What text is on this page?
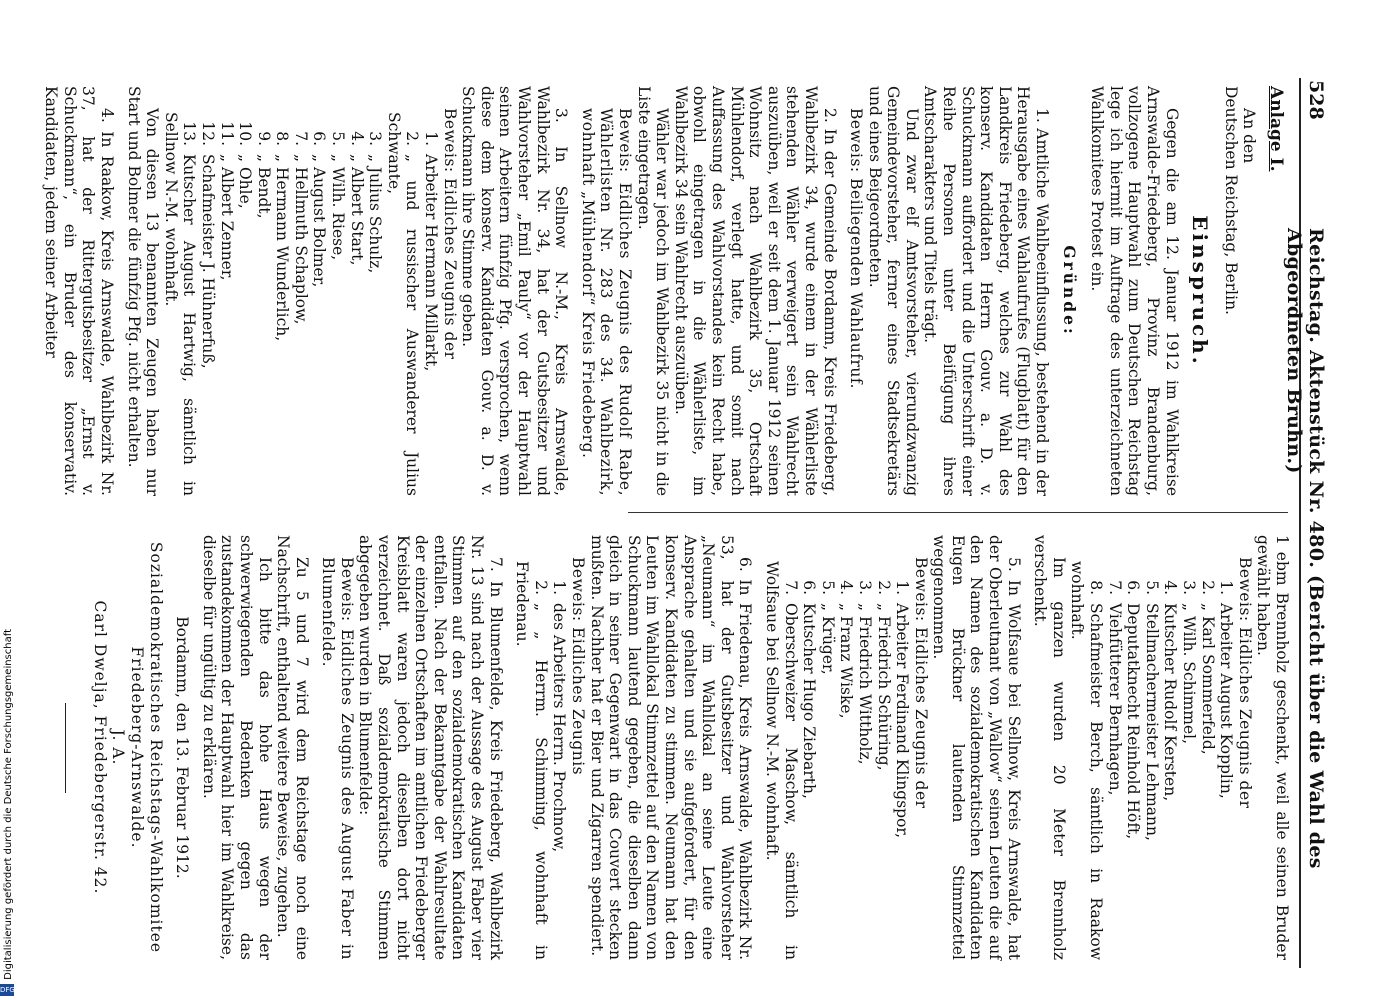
528
Reichstag. Aktenstück Nr. 480. (Bericht über die Wahl des Abgeordneten Bruhn.)

Anlage I.

An den

Deutschen Reichstag, Berlin.

Einspruch.

Gegen die am 12. Januar 1912 im Wahlkreise Arnswalde-Friedeberg, Provinz Brandenburg, vollzogene Hauptwahl zum Deutschen Reichstag lege ich hiermit im Auftrage des unterzeichneten Wahlkomitees Protest ein.

Gründe:

1. Amtliche Wahlbeeinflussung, bestehend in der Herausgabe eines Wahlaufrufes (Flugblatt) für den Landkreis Friedeberg, welches zur Wahl des konserv. Kandidaten Herrn Gouv. a. D. v. Schuckmann auffordert und die Unterschrift einer Reihe Personen unter Beifügung ihres Amtscharakters und Titels trägt.

Und zwar elf Amtsvorsteher, vierundzwanzig Gemeindevorsteher, ferner eines Stadtsekretärs und eines Beigeordneten.

Beweis: Beiliegenden Wahlaufruf.

2. In der Gemeinde Bordamm, Kreis Friedeberg, Wahlbezirk 34, wurde einem in der Wählerliste stehenden Wähler verweigert sein Wahlrecht auszuüben, weil er seit dem 1. Januar 1912 seinen Wohnsitz nach Wahlbezirk 35, Ortschaft Mühlendorf, verlegt hatte, und somit nach Auffassung des Wahlvorstandes kein Recht habe, obwohl eingetragen in die Wählerliste, im Wahlbezirk 34 sein Wahlrecht auszuüben.

Wähler war jedoch im Wahlbezirk 35 nicht in die Liste eingetragen.

Beweis: Eidliches Zeugnis des Rudolf Rabe, Wählerlisten Nr. 283 des 34. Wahlbezirk, wohnhaft „Mühlendorf“ Kreis Friedeberg.

3. In Sellnow N.-M., Kreis Arnswalde, Wahlbezirk Nr. 34, hat der Gutsbesitzer und Wahlvorsteher „Emil Pauly“ vor der Hauptwahl seinen Arbeitern fünfzig Pfg. versprochen, wenn diese dem konserv. Kandidaten Gouv. a. D. v. Schuckmann ihre Stimme geben.

Beweis: Eidliches Zeugnis der

1.Arbeiter Hermann Millarkt,
2.„ und russischer Auswanderer Julius Schwante,
3.„ Julius Schulz,
4.„ Albert Start,
5.„ Wilh. Riese,
6.„ August Bolmer,
7.„ Hellmuth Schaplow,
8.„ Hermann Wunderlich,
9.„ Bendt,
10.„ Ohle,
11.„ Albert Zenner,
12.Schafmeister J. Hühnerfuß,
13.Kutscher August Hartwig, sämtlich in Sellnow N.-M. wohnhaft.

Von diesen 13 benannten Zeugen haben nur Start und Bolmer die fünfzig Pfg. nicht erhalten.

4. In Raakow, Kreis Arnswalde, Wahlbezirk Nr. 37, hat der Rittergutsbesitzer „Ernst v. Schuckmann“, ein Bruder des konservativ. Kandidaten, jedem seiner Arbeiter

1 ebm Brennholz geschenkt, weil alle seinen Bruder gewählt haben.

Beweis: Eidliches Zeugnis der

1.Arbeiter August Kopplin,
2.„ Karl Sommerfeld,
3.„ Wilh. Schimmel,
4.Kutscher Rudolf Kersten,
5.Stellmachermeister Lehmann,
6.Deputatknecht Reinhold Höft,
7.Viehfütterer Bernhagen,
8.Schafmeister Berch, sämtlich in Raakow wohnhaft.

Im ganzen wurden 20 Meter Brennholz verschenkt.

5. In Wolfsaue bei Sellnow, Kreis Arnswalde, hat der Oberleutnant von „Wallow“ seinen Leuten die auf den Namen des sozialdemokratischen Kandidaten Eugen Brückner lautenden Stimmzettel weggenommen.

Beweis: Eidliches Zeugnis der

1.Arbeiter Ferdinand Klingspor,
2.„ Friedrich Schüring,
3.„ Friedrich Wittholz,
4.„ Franz Wiske,
5.„ Krüger,
6.Kutscher Hugo Ziebarth,
7.Oberschweizer Maschow, sämtlich in Wolfsaue bei Sellnow N.-M. wohnhaft.

6. In Friedenau, Kreis Arnswalde, Wahlbezirk Nr. 53, hat der Gutsbesitzer und Wahlvorsteher „Neumann“ im Wahllokal an seine Leute eine Ansprache gehalten und sie aufgefordert, für den konserv. Kandidaten zu stimmen. Neumann hat den Leuten im Wahllokal Stimmzettel auf den Namen von Schuckmann lautend gegeben, die dieselben dann gleich in seiner Gegenwart in das Couvert stecken mußten. Nachher hat er Bier und Zigarren spendiert.

Beweis: Eidliches Zeugnis

1.des Arbeiters Herrn. Prochnow,
2.„ „ Herrm. Schimming, wohnhaft in Friedenau.

7. In Blumenfelde, Kreis Friedeberg, Wahlbezirk Nr. 13 sind nach der Aussage des August Faber vier Stimmen auf den sozialdemokratischen Kandidaten entfallen. Nach der Bekanntgabe der Wahlresultate der einzelnen Ortschaften im amtlichen Friedeberger Kreisblatt waren jedoch dieselben dort nicht verzeichnet. Daß sozialdemokratische Stimmen abgegeben wurden in Blumenfelde:

Beweis: Eidliches Zeugnis des August Faber in Blumenfelde.

Zu 5 und 7 wird dem Reichstage noch eine Nachschrift, enthaltend weitere Beweise, zugehen.

Ich bitte das hohe Haus wegen der schwerwiegenden Bedenken gegen das zustandekommen der Hauptwahl hier im Wahlkreise, dieselbe für ungültig zu erklären.

Bordamm, den 13. Februar 1912.

Sozialdemokratisches Reichstags-Wahlkomitee

Friedeberg-Arnswalde.

J. A.

Carl Dwelja, Friedebergerstr. 42.

Digitalisierung gefördert durch die Deutsche Forschungsgemeinschaft
DFG
